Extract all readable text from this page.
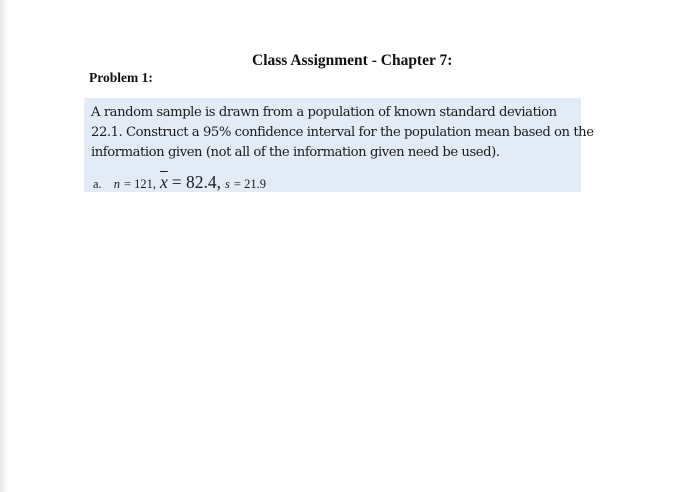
Class Assignment - Chapter 7:
Problem 1:
A random sample is drawn from a population of known standard deviation
22.1. Construct a 95% confidence interval for the population mean based on the
information given (not all of the information given need be used).
a. n = 121, $\overline{x} = 82.4$, s = 21.9
